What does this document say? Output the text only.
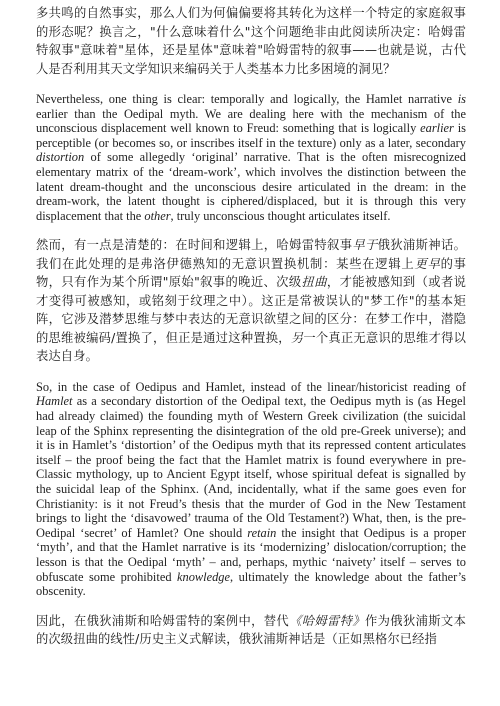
多共鸣的自然事实，那么人们为何偏偏要将其转化为这样一个特定的家庭叙事的形态呢？换言之，"什么意味着什么"这个问题绝非由此阅读所决定：哈姆雷特叙事"意味着"星体，还是星体"意味着"哈姆雷特的叙事——也就是说，古代人是否利用其天文学知识来编码关于人类基本力比多困境的洞见？

Nevertheless, one thing is clear: temporally and logically, the Hamlet narrative is earlier than the Oedipal myth. We are dealing here with the mechanism of the unconscious displacement well known to Freud: something that is logically earlier is perceptible (or becomes so, or inscribes itself in the texture) only as a later, secondary distortion of some allegedly ‘original’ narrative. That is the often misrecognized elementary matrix of the ‘dream-work’, which involves the distinction between the latent dream-thought and the unconscious desire articulated in the dream: in the dream-work, the latent thought is ciphered/displaced, but it is through this very displacement that the other, truly unconscious thought articulates itself.

然而，有一点是清楚的：在时间和逻辑上，哈姆雷特叙事早于俄狄浦斯神话。我们在此处理的是弗洛伊德熟知的无意识置换机制：某些在逻辑上更早的事物，只有作为某个所谓"原始"叙事的晚近、次级扭曲，才能被感知到（或者说才变得可被感知，或铭刻于纹理之中）。这正是常被误认的"梦工作"的基本矩阵，它涉及潜梦思维与梦中表达的无意识欲望之间的区分：在梦工作中，潜隐的思维被编码/置换了，但正是通过这种置换，另一个真正无意识的思维才得以表达自身。

So, in the case of Oedipus and Hamlet, instead of the linear/historicist reading of Hamlet as a secondary distortion of the Oedipal text, the Oedipus myth is (as Hegel had already claimed) the founding myth of Western Greek civilization (the suicidal leap of the Sphinx representing the disintegration of the old pre-Greek universe); and it is in Hamlet’s ‘distortion’ of the Oedipus myth that its repressed content articulates itself – the proof being the fact that the Hamlet matrix is found everywhere in pre-Classic mythology, up to Ancient Egypt itself, whose spiritual defeat is signalled by the suicidal leap of the Sphinx. (And, incidentally, what if the same goes even for Christianity: is it not Freud’s thesis that the murder of God in the New Testament brings to light the ‘disavowed’ trauma of the Old Testament?) What, then, is the pre-Oedipal ‘secret’ of Hamlet? One should retain the insight that Oedipus is a proper ‘myth’, and that the Hamlet narrative is its ‘modernizing’ dislocation/corruption; the lesson is that the Oedipal ‘myth’ – and, perhaps, mythic ‘naivety’ itself – serves to obfuscate some prohibited knowledge, ultimately the knowledge about the father’s obscenity.

因此，在俄狄浦斯和哈姆雷特的案例中，替代《哈姆雷特》作为俄狄浦斯文本的次级扭曲的线性/历史主义式解读，俄狄浦斯神话是（正如黑格尔已经指
